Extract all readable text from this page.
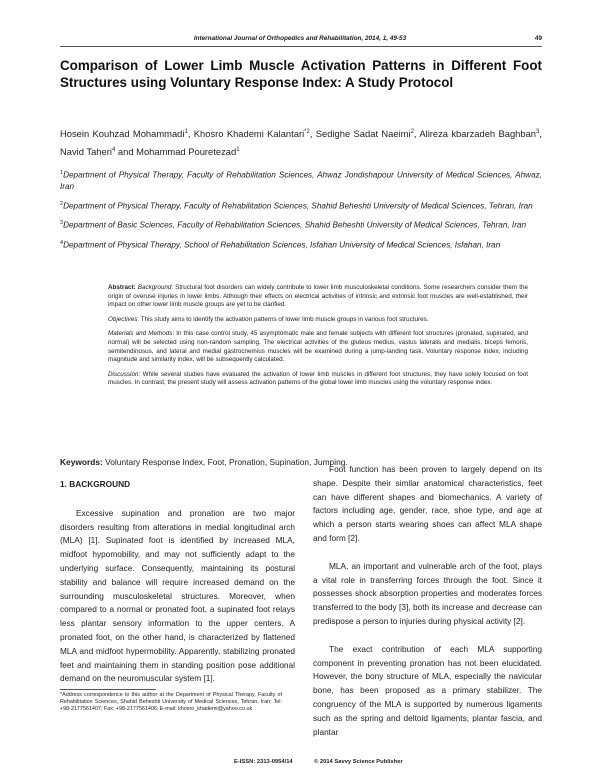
International Journal of Orthopedics and Rehabilitation, 2014, 1, 49-53	49
Comparison of Lower Limb Muscle Activation Patterns in Different Foot Structures using Voluntary Response Index: A Study Protocol
Hosein Kouhzad Mohammadi$^1$, Khosro Khademi Kalantari$^{*2}$, Sedighe Sadat Naeimi$^2$, Alireza kbarzadeh Baghban$^3$, Navid Taheri$^4$ and Mohammad Pouretezad$^1$

$^1$Department of Physical Therapy, Faculty of Rehabilitation Sciences, Ahwaz Jondishapour University of Medical Sciences, Ahwaz, Iran

$^2$Department of Physical Therapy, Faculty of Rehabilitation Sciences, Shahid Beheshti University of Medical Sciences, Tehran, Iran

$^3$Department of Basic Sciences, Faculty of Rehabilitation Sciences, Shahid Beheshti University of Medical Sciences, Tehran, Iran

$^4$Department of Physical Therapy, School of Rehabilitation Sciences, Isfahan University of Medical Sciences, Isfahan, Iran

Abstract: Background: Structural foot disorders can widely contribute to lower limb musculoskeletal conditions. Some researchers consider them the origin of overuse injuries in lower limbs. Although their effects on electrical activities of intrinsic and extrinsic foot muscles are well-established, their impact on other lower limb muscle groups are yet to be clarified.

Objectives: This study aims to identify the activation patterns of lower limb muscle groups in various foot structures.

Materials and Methods: In this case control study, 45 asymptomatic male and female subjects with different foot structures (pronated, supinated, and normal) will be selected using non-random sampling. The electrical activities of the gluteus medius, vastus lateralis and medialis, biceps femoris, semitendinosus, and lateral and medial gastrocnemius muscles will be examined during a jump-landing task. Voluntary response index, including magnitude and similarity index, will be subsequently calculated.

Discussion: While several studies have evaluated the activation of lower limb muscles in different foot structures, they have solely focused on foot muscles. In contrast, the present study will assess activation patterns of the global lower limb muscles using the voluntary response index.

Keywords: Voluntary Response Index, Foot, Pronation, Supination, Jumping.
1. BACKGROUND

Excessive supination and pronation are two major disorders resulting from alterations in medial longitudinal arch (MLA) [1]. Supinated foot is identified by increased MLA, midfoot hypomobility, and may not sufficiently adapt to the underlying surface. Consequently, maintaining its postural stability and balance will require increased demand on the surrounding musculoskeletal structures. Moreover, when compared to a normal or pronated foot, a supinated foot relays less plantar sensory information to the upper centers. A pronated foot, on the other hand, is characterized by flattened MLA and midfoot hypermobility. Apparently, stabilizing pronated feet and maintaining them in standing position pose additional demand on the neuromuscular system [1].

Foot function has been proven to largely depend on its shape. Despite their similar anatomical characteristics, feet can have different shapes and biomechanics. A variety of factors including age, gender, race, shoe type, and age at which a person starts wearing shoes can affect MLA shape and form [2].

MLA, an important and vulnerable arch of the foot, plays a vital role in transferring forces through the foot. Since it possesses shock absorption properties and moderates forces transferred to the body [3], both its increase and decrease can predispose a person to injuries during physical activity [2].

The exact contribution of each MLA supporting component in preventing pronation has not been elucidated. However, the bony structure of MLA, especially the navicular bone, has been proposed as a primary stabilizer. The congruency of the MLA is supported by numerous ligaments such as the spring and deltoid ligaments, plantar fascia, and plantar

*Address correspondence to this author at the Department of Physical Therapy, Faculty of Rehabilitation Sciences, Shahid Beheshti University of Medical Sciences, Tehran, Iran; Tel: +98-2177561407; Fax: +98-2177561406; E-mail: khosro_khademi@yahoo.co.uk
E-ISSN: 2313-0954/14	© 2014 Savvy Science Publisher
